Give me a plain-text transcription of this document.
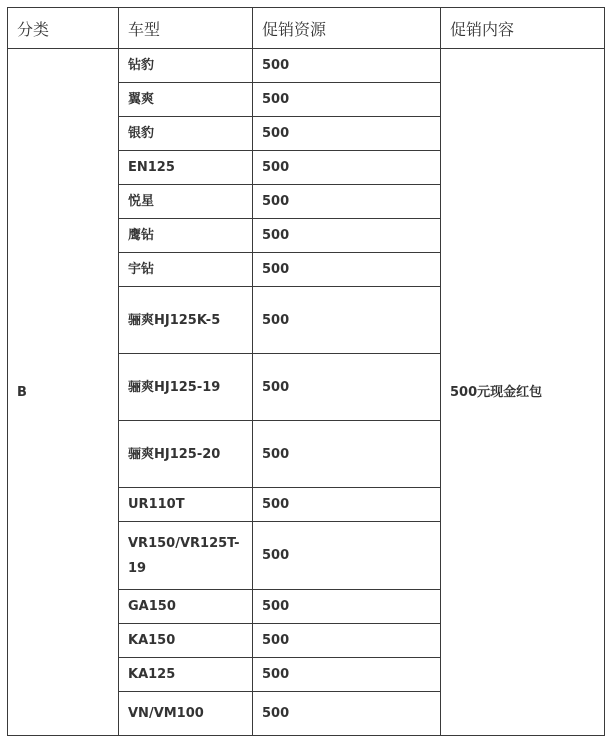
分类	车型	促销资源	促销内容
B	钻豹	500	500元现金红包
	翼爽	500	
	银豹	500	
	EN125	500	
	悦星	500	
	鹰钻	500	
	宇钻	500	
	骊爽HJ125K-5	500	
	骊爽HJ125-19	500	
	骊爽HJ125-20	500	
	UR110T	500	
	VR150/VR125T-19	500	
	GA150	500	
	KA150	500	
	KA125	500	
	VN/VM100	500	
